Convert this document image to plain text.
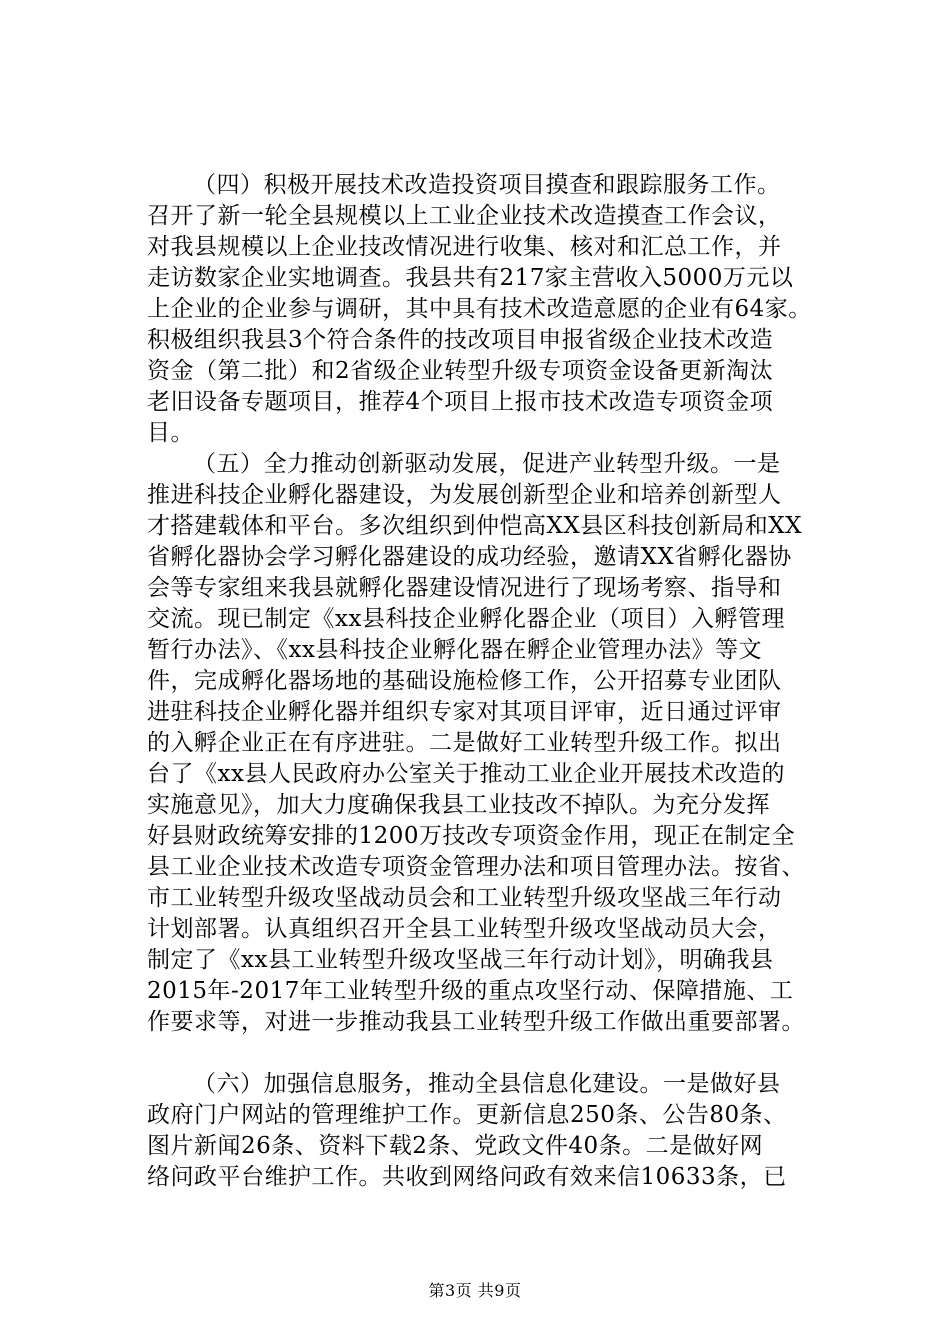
（四）积极开展技术改造投资项目摸查和跟踪服务工作。
召开了新一轮全县规模以上工业企业技术改造摸查工作会议，
对我县规模以上企业技改情况进行收集、核对和汇总工作，并
走访数家企业实地调查。我县共有217家主营收入5000万元以
上企业的企业参与调研，其中具有技术改造意愿的企业有64家。
积极组织我县3个符合条件的技改项目申报省级企业技术改造
资金（第二批）和2省级企业转型升级专项资金设备更新淘汰
老旧设备专题项目，推荐4个项目上报市技术改造专项资金项
目。
（五）全力推动创新驱动发展，促进产业转型升级。一是
推进科技企业孵化器建设，为发展创新型企业和培养创新型人
才搭建载体和平台。多次组织到仲恺高XX县区科技创新局和XX
省孵化器协会学习孵化器建设的成功经验，邀请XX省孵化器协
会等专家组来我县就孵化器建设情况进行了现场考察、指导和
交流。现已制定《xx县科技企业孵化器企业（项目）入孵管理
暂行办法》、《xx县科技企业孵化器在孵企业管理办法》等文
件，完成孵化器场地的基础设施检修工作，公开招募专业团队
进驻科技企业孵化器并组织专家对其项目评审，近日通过评审
的入孵企业正在有序进驻。二是做好工业转型升级工作。拟出
台了《xx县人民政府办公室关于推动工业企业开展技术改造的
实施意见》，加大力度确保我县工业技改不掉队。为充分发挥
好县财政统筹安排的1200万技改专项资金作用，现正在制定全
县工业企业技术改造专项资金管理办法和项目管理办法。按省、
市工业转型升级攻坚战动员会和工业转型升级攻坚战三年行动
计划部署。认真组织召开全县工业转型升级攻坚战动员大会，
制定了《xx县工业转型升级攻坚战三年行动计划》，明确我县
2015年-2017年工业转型升级的重点攻坚行动、保障措施、工
作要求等，对进一步推动我县工业转型升级工作做出重要部署。
（六）加强信息服务，推动全县信息化建设。一是做好县
政府门户网站的管理维护工作。更新信息250条、公告80条、
图片新闻26条、资料下载2条、党政文件40条。二是做好网
络问政平台维护工作。共收到网络问政有效来信10633条，已
第3页 共9页
